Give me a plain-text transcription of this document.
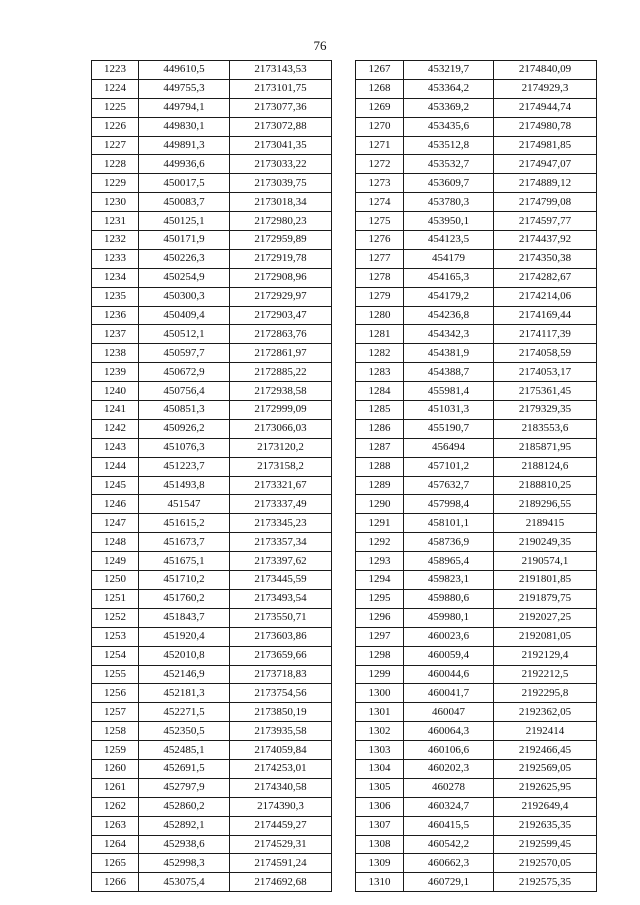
76
1223	449610,5	2173143,53
1224	449755,3	2173101,75
1225	449794,1	2173077,36
1226	449830,1	2173072,88
1227	449891,3	2173041,35
1228	449936,6	2173033,22
1229	450017,5	2173039,75
1230	450083,7	2173018,34
1231	450125,1	2172980,23
1232	450171,9	2172959,89
1233	450226,3	2172919,78
1234	450254,9	2172908,96
1235	450300,3	2172929,97
1236	450409,4	2172903,47
1237	450512,1	2172863,76
1238	450597,7	2172861,97
1239	450672,9	2172885,22
1240	450756,4	2172938,58
1241	450851,3	2172999,09
1242	450926,2	2173066,03
1243	451076,3	2173120,2
1244	451223,7	2173158,2
1245	451493,8	2173321,67
1246	451547	2173337,49
1247	451615,2	2173345,23
1248	451673,7	2173357,34
1249	451675,1	2173397,62
1250	451710,2	2173445,59
1251	451760,2	2173493,54
1252	451843,7	2173550,71
1253	451920,4	2173603,86
1254	452010,8	2173659,66
1255	452146,9	2173718,83
1256	452181,3	2173754,56
1257	452271,5	2173850,19
1258	452350,5	2173935,58
1259	452485,1	2174059,84
1260	452691,5	2174253,01
1261	452797,9	2174340,58
1262	452860,2	2174390,3
1263	452892,1	2174459,27
1264	452938,6	2174529,31
1265	452998,3	2174591,24
1266	453075,4	2174692,68
1267	453219,7	2174840,09
1268	453364,2	2174929,3
1269	453369,2	2174944,74
1270	453435,6	2174980,78
1271	453512,8	2174981,85
1272	453532,7	2174947,07
1273	453609,7	2174889,12
1274	453780,3	2174799,08
1275	453950,1	2174597,77
1276	454123,5	2174437,92
1277	454179	2174350,38
1278	454165,3	2174282,67
1279	454179,2	2174214,06
1280	454236,8	2174169,44
1281	454342,3	2174117,39
1282	454381,9	2174058,59
1283	454388,7	2174053,17
1284	455981,4	2175361,45
1285	451031,3	2179329,35
1286	455190,7	2183553,6
1287	456494	2185871,95
1288	457101,2	2188124,6
1289	457632,7	2188810,25
1290	457998,4	2189296,55
1291	458101,1	2189415
1292	458736,9	2190249,35
1293	458965,4	2190574,1
1294	459823,1	2191801,85
1295	459880,6	2191879,75
1296	459980,1	2192027,25
1297	460023,6	2192081,05
1298	460059,4	2192129,4
1299	460044,6	2192212,5
1300	460041,7	2192295,8
1301	460047	2192362,05
1302	460064,3	2192414
1303	460106,6	2192466,45
1304	460202,3	2192569,05
1305	460278	2192625,95
1306	460324,7	2192649,4
1307	460415,5	2192635,35
1308	460542,2	2192599,45
1309	460662,3	2192570,05
1310	460729,1	2192575,35
